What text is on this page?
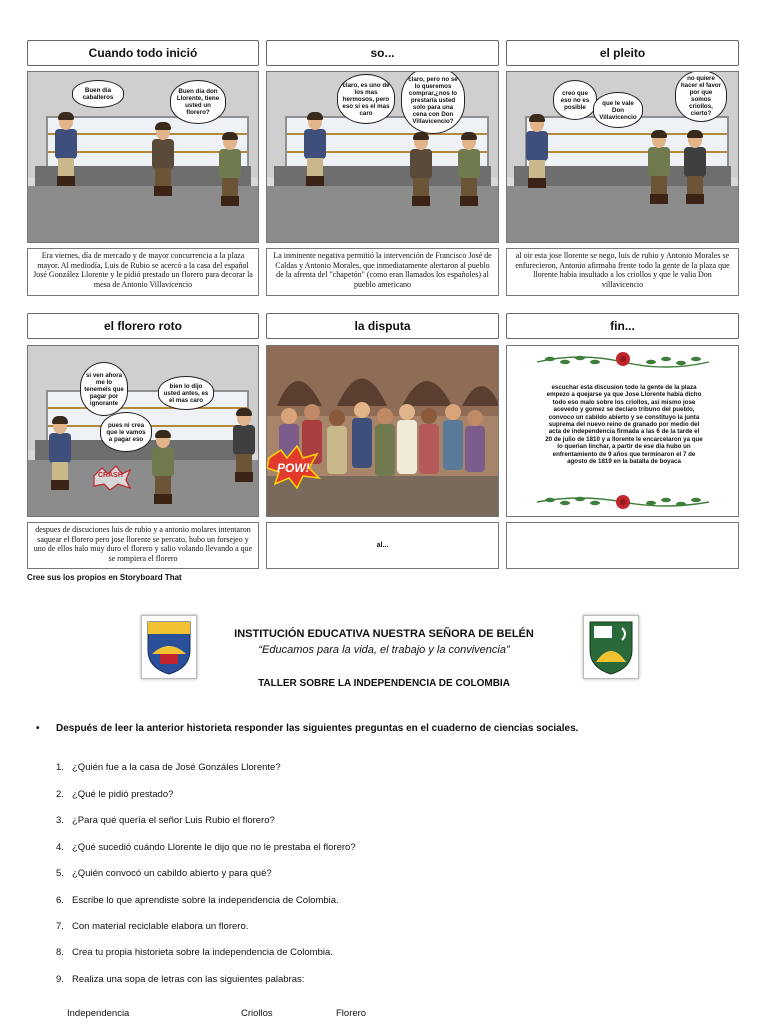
Cuando todo inició	so...	el pleito
Buen día caballeros
Buen día don Llorente, tiene usted un florero?
claro, es uno de los mas hermosos, pero eso si es el mas caro
claro, pero no se lo queremos comprar,¿nos lo prestaría usted solo para una cena con Don Villavicencio?
creo que eso no es posible
que le vale Don Villavicencio
no quiere hacer el favor por que somos criollos, cierto?
Era viernes, día de mercado y de mayor concurrencia a la plaza mayor. Al mediodía, Luis de Rubio se acercó a la casa del español José González Llorente y le pidió prestado un florero para decorar la mesa de Antonio Villavicencio
La inminente negativa permitió la intervención de Francisco José de Caldas y Antonio Morales, que inmediatamente alertaron al pueblo de la afrenta del "chapetón" (como eran llamados los españoles) al pueblo americano
al oir esta jose llorente se nego, luis de rubio y Antonio Morales se enfurecieron, Antonio afirmaba frente todo la gente de la plaza que llorente habia insultado a los criollos y que le valia Don villavicencio
el florero roto	la disputa	fin...
CRASH
si ven ahora me lo tenemeis que pagar por ignorante
bien lo dijo usted antes, es el mas caro
pues ni crea que le vamos a pagar eso
POW!
escuchar esta discusion todo la gente de la plaza empezo a quejarse ya que Jose Llorente habia dicho todo eso malo sobre los criollos, asi mismo jose acevedo y gomez se declaro tribuno del pueblo, convoco un cabildo abierto y se constituyo la junta suprema del nuevo reino de granado por medio del acta de independencia firmada a las 6 de la tarde el 20 de julio de 1810 y a llorente le encarcelaron ya que lo querian linchar, a partir de ese dia hubo un enfrentamiento de 9 años que terminaron el 7 de agosto de 1819 en la batalla de boyaca
despues de discuciones luis de rubio y a antonio molares intentaron saquear el florero pero jose llorente se percato, hubo un forsejeo y uno de ellos halo muy duro el florero y salio volando llevando a que se rompiera el florero
al...
Cree sus los propios en Storyboard That
INSTITUCIÓN EDUCATIVA NUESTRA SEÑORA DE BELÉN
“Educamos para la vida, el trabajo y la convivencia”
TALLER SOBRE LA INDEPENDENCIA DE COLOMBIA
• Después de leer la anterior historieta responder las siguientes preguntas en el cuaderno de ciencias sociales.
1. ¿Quién fue a la casa de José Gonzáles Llorente?
2. ¿Qué le pidió prestado?
3. ¿Para qué quería el señor Luis Rubio el florero?
4. ¿Qué sucedió cuándo Llorente le dijo que no le prestaba el florero?
5. ¿Quién convocó un cabildo abierto y para qué?
6. Escribe lo que aprendiste sobre la independencia de Colombia.
7. Con material reciclable elabora un florero.
8. Crea tu propia historieta sobre la independencia de Colombia.
9. Realiza una sopa de letras con las siguientes palabras:
Independencia	Criollos	Florero
